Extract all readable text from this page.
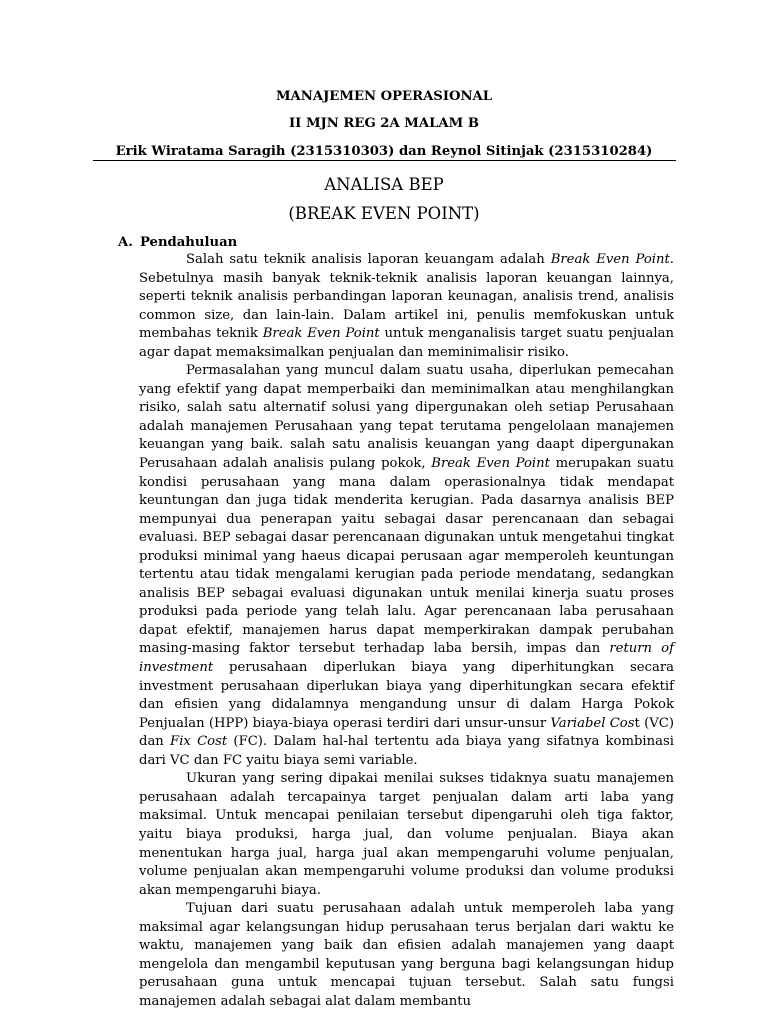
MANAJEMEN OPERASIONAL
II MJN REG 2A MALAM B
Erik Wiratama Saragih (2315310303) dan Reynol Sitinjak (2315310284)
ANALISA BEP
(BREAK EVEN POINT)
A. Pendahuluan

Salah satu teknik analisis laporan keuangam adalah Break Even Point. Sebetulnya masih banyak teknik-teknik analisis laporan keuangan lainnya, seperti teknik analisis perbandingan laporan keunagan, analisis trend, analisis common size, dan lain-lain. Dalam artikel ini, penulis memfokuskan untuk membahas teknik Break Even Point untuk menganalisis target suatu penjualan agar dapat memaksimalkan penjualan dan meminimalisir risiko.

Permasalahan yang muncul dalam suatu usaha, diperlukan pemecahan yang efektif yang dapat memperbaiki dan meminimalkan atau menghilangkan risiko, salah satu alternatif solusi yang dipergunakan oleh setiap Perusahaan adalah manajemen Perusahaan yang tepat terutama pengelolaan manajemen keuangan yang baik. salah satu analisis keuangan yang daapt dipergunakan Perusahaan adalah analisis pulang pokok, Break Even Point merupakan suatu kondisi perusahaan yang mana dalam operasionalnya tidak mendapat keuntungan dan juga tidak menderita kerugian. Pada dasarnya analisis BEP mempunyai dua penerapan yaitu sebagai dasar perencanaan dan sebagai evaluasi. BEP sebagai dasar perencanaan digunakan untuk mengetahui tingkat produksi minimal yang haeus dicapai perusaan agar memperoleh keuntungan tertentu atau tidak mengalami kerugian pada periode mendatang, sedangkan analisis BEP sebagai evaluasi digunakan untuk menilai kinerja suatu proses produksi pada periode yang telah lalu. Agar perencanaan laba perusahaan dapat efektif, manajemen harus dapat memperkirakan dampak perubahan masing-masing faktor tersebut terhadap laba bersih, impas dan return of investment perusahaan diperlukan biaya yang diperhitungkan secara investment perusahaan diperlukan biaya yang diperhitungkan secara efektif dan efisien yang didalamnya mengandung unsur di dalam Harga Pokok Penjualan (HPP) biaya-biaya operasi terdiri dari unsur-unsur Variabel Cost (VC) dan Fix Cost (FC). Dalam hal-hal tertentu ada biaya yang sifatnya kombinasi dari VC dan FC yaitu biaya semi variable.

Ukuran yang sering dipakai menilai sukses tidaknya suatu manajemen perusahaan adalah tercapainya target penjualan dalam arti laba yang maksimal. Untuk mencapai penilaian tersebut dipengaruhi oleh tiga faktor, yaitu biaya produksi, harga jual, dan volume penjualan. Biaya akan menentukan harga jual, harga jual akan mempengaruhi volume penjualan, volume penjualan akan mempengaruhi volume produksi dan volume produksi akan mempengaruhi biaya.

Tujuan dari suatu perusahaan adalah untuk memperoleh laba yang maksimal agar kelangsungan hidup perusahaan terus berjalan dari waktu ke waktu, manajemen yang baik dan efisien adalah manajemen yang daapt mengelola dan mengambil keputusan yang berguna bagi kelangsungan hidup perusahaan guna untuk mencapai tujuan tersebut. Salah satu fungsi manajemen adalah sebagai alat dalam membantu
